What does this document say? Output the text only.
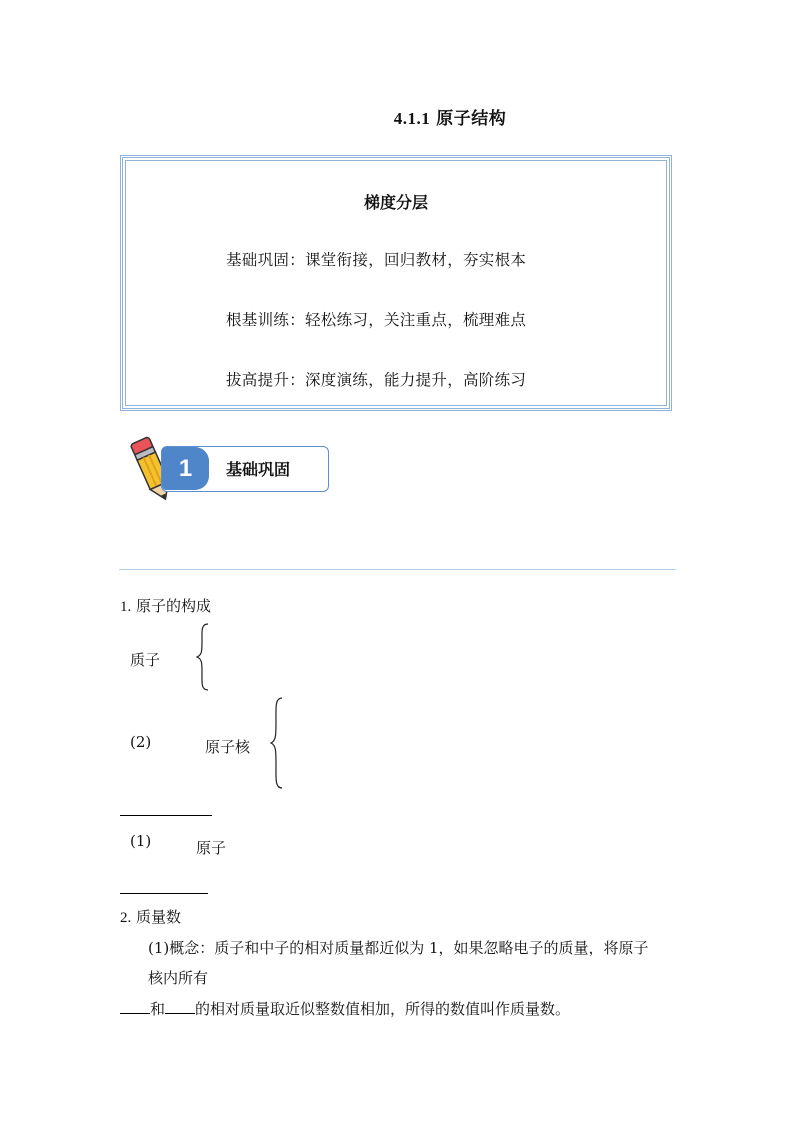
4.1.1 原子结构
梯度分层
基础巩固：课堂衔接，回归教材，夯实根本
根基训练：轻松练习，关注重点，梳理难点
拔高提升：深度演练，能力提升，高阶练习
1	基础巩固
1. 原子的构成
质子
(2)	原子核
(1)	原子
2. 质量数
(1)概念：质子和中子的相对质量都近似为 1，如果忽略电子的质量，将原子
核内所有
和 的相对质量取近似整数值相加，所得的数值叫作质量数。
